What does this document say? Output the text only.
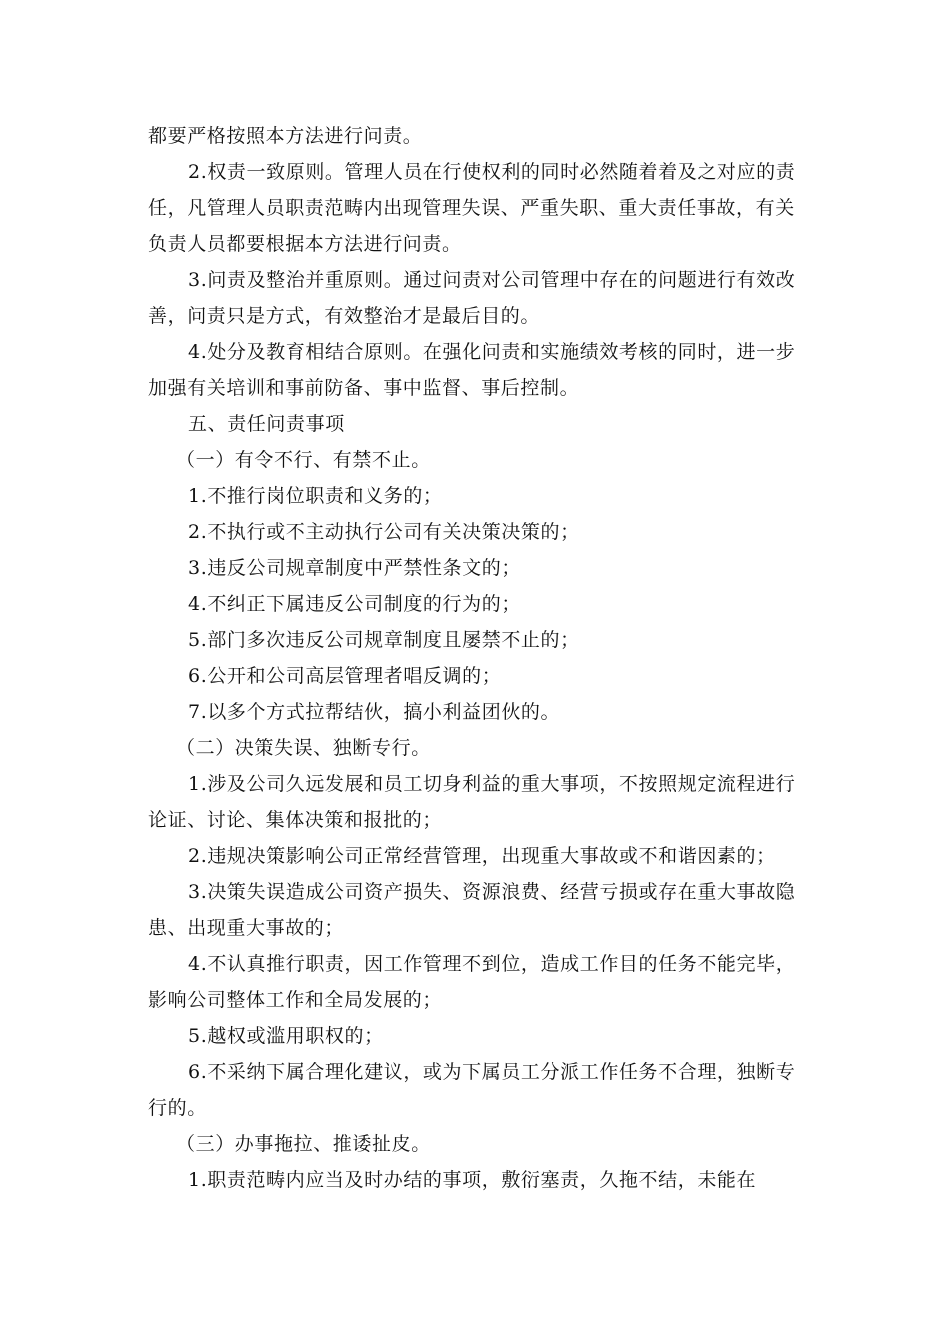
都要严格按照本方法进行问责。

2.权责一致原则。管理人员在行使权利的同时必然随着着及之对应的责任，凡管理人员职责范畴内出现管理失误、严重失职、重大责任事故，有关负责人员都要根据本方法进行问责。

3.问责及整治并重原则。通过问责对公司管理中存在的问题进行有效改善，问责只是方式，有效整治才是最后目的。

4.处分及教育相结合原则。在强化问责和实施绩效考核的同时，进一步加强有关培训和事前防备、事中监督、事后控制。

五、责任问责事项

（一）有令不行、有禁不止。

1.不推行岗位职责和义务的；

2.不执行或不主动执行公司有关决策决策的；

3.违反公司规章制度中严禁性条文的；

4.不纠正下属违反公司制度的行为的；

5.部门多次违反公司规章制度且屡禁不止的；

6.公开和公司高层管理者唱反调的；

7.以多个方式拉帮结伙，搞小利益团伙的。

（二）决策失误、独断专行。

1.涉及公司久远发展和员工切身利益的重大事项，不按照规定流程进行论证、讨论、集体决策和报批的；

2.违规决策影响公司正常经营管理，出现重大事故或不和谐因素的；

3.决策失误造成公司资产损失、资源浪费、经营亏损或存在重大事故隐患、出现重大事故的；

4.不认真推行职责，因工作管理不到位，造成工作目的任务不能完毕，影响公司整体工作和全局发展的；

5.越权或滥用职权的；

6.不采纳下属合理化建议，或为下属员工分派工作任务不合理，独断专行的。

（三）办事拖拉、推诿扯皮。

1.职责范畴内应当及时办结的事项，敷衍塞责，久拖不结，未能在
